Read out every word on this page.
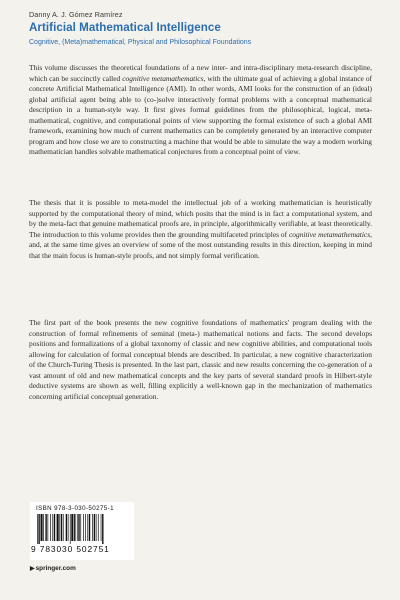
Danny A. J. Gómez Ramírez
Artificial Mathematical Intelligence
Cognitive, (Meta)mathematical, Physical and Philosophical Foundations

This volume discusses the theoretical foundations of a new inter- and intra-disciplinary meta-research discipline, which can be succinctly called cognitive metamathematics, with the ultimate goal of achieving a global instance of concrete Artificial Mathematical Intelligence (AMI). In other words, AMI looks for the construction of an (ideal) global artificial agent being able to (co-)solve interactively formal problems with a conceptual mathematical description in a human-style way. It first gives formal guidelines from the philosophical, logical, meta-mathematical, cognitive, and computational points of view supporting the formal existence of such a global AMI framework, examining how much of current mathematics can be completely generated by an interactive computer program and how close we are to constructing a machine that would be able to simulate the way a modern working mathematician handles solvable mathematical conjectures from a conceptual point of view.

The thesis that it is possible to meta-model the intellectual job of a working mathematician is heuristically supported by the computational theory of mind, which posits that the mind is in fact a computational system, and by the meta-fact that genuine mathematical proofs are, in principle, algorithmically verifiable, at least theoretically. The introduction to this volume provides then the grounding multifaceted principles of cognitive metamathematics, and, at the same time gives an overview of some of the most outstanding results in this direction, keeping in mind that the main focus is human-style proofs, and not simply formal verification.

The first part of the book presents the new cognitive foundations of mathematics' program dealing with the construction of formal refinements of seminal (meta-) mathematical notions and facts. The second develops positions and formalizations of a global taxonomy of classic and new cognitive abilities, and computational tools allowing for calculation of formal conceptual blends are described. In particular, a new cognitive characterization of the Church-Turing Thesis is presented. In the last part, classic and new results concerning the co-generation of a vast amount of old and new mathematical concepts and the key parts of several standard proofs in Hilbert-style deductive systems are shown as well, filling explicitly a well-known gap in the mechanization of mathematics concerning artificial conceptual generation.

ISBN 978-3-030-50275-1
9 783030 502751
▶springer.com
